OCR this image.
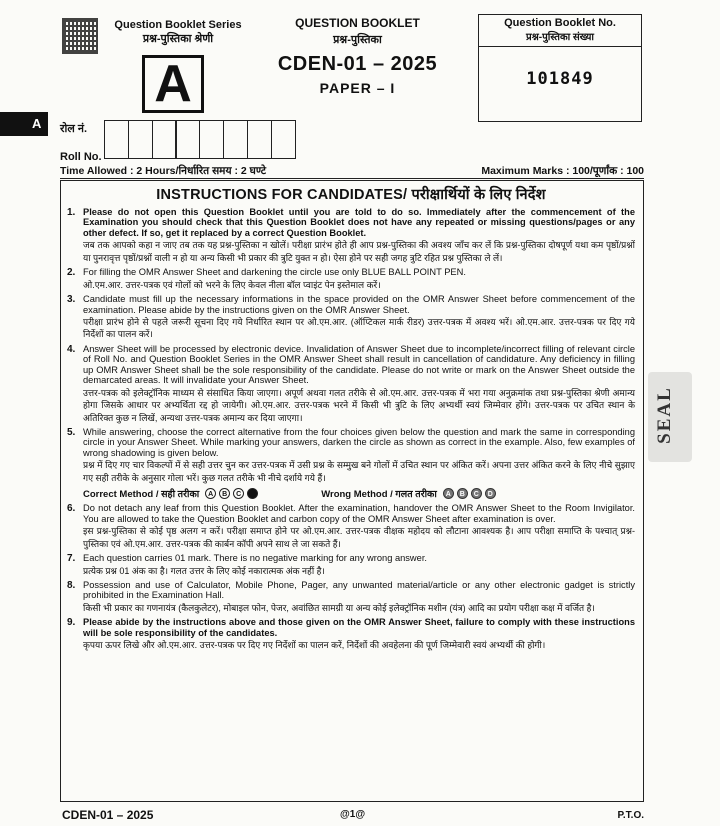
A
Question Booklet Series
प्रश्न-पुस्तिका श्रेणी
A
QUESTION BOOKLET
प्रश्न-पुस्तिका
CDEN-01 – 2025
PAPER – I
Question Booklet No.
प्रश्न-पुस्तिका संख्या
101849
रोल नं.
Roll No.
Time Allowed : 2 Hours/निर्धारित समय : 2 घण्टे	Maximum Marks : 100/पूर्णांक : 100
INSTRUCTIONS FOR CANDIDATES/ परीक्षार्थियों के लिए निर्देश
1. Please do not open this Question Booklet until you are told to do so. Immediately after the commencement of the Examination you should check that this Question Booklet does not have any repeated or missing questions/pages or any other defect. If so, get it replaced by a correct Question Booklet.
जब तक आपको कहा न जाए तब तक यह प्रश्न-पुस्तिका न खोलें। परीक्षा प्रारंभ होते ही आप प्रश्न-पुस्तिका की अवश्य जाँच कर लें कि प्रश्न-पुस्तिका दोषपूर्ण यथा कम पृष्ठों/प्रश्नों या पुनरावृत्त पृष्ठों/प्रश्नों वाली न हो या अन्य किसी भी प्रकार की त्रुटि युक्त न हो। ऐसा होने पर सही जगह त्रुटि रहित प्रश्न पुस्तिका ले लें।
2. For filling the OMR Answer Sheet and darkening the circle use only BLUE BALL POINT PEN.
ओ.एम.आर. उत्तर-पत्रक एवं गोलों को भरने के लिए केवल नीला बॉल प्वाइंट पेन इस्तेमाल करें।
3. Candidate must fill up the necessary informations in the space provided on the OMR Answer Sheet before commencement of the examination. Please abide by the instructions given on the OMR Answer Sheet.
परीक्षा प्रारंभ होने से पहले जरूरी सूचना दिए गये निर्धारित स्थान पर ओ.एम.आर. (ऑप्टिकल मार्क रीडर) उत्तर-पत्रक में अवश्य भरें। ओ.एम.आर. उत्तर-पत्रक पर दिए गये निर्देशों का पालन करें।
4. Answer Sheet will be processed by electronic device. Invalidation of Answer Sheet due to incomplete/incorrect filling of relevant circle of Roll No. and Question Booklet Series in the OMR Answer Sheet shall result in cancellation of candidature. Any deficiency in filling up OMR Answer Sheet shall be the sole responsibility of the candidate. Please do not write or mark on the Answer Sheet outside the demarcated areas. It will invalidate your Answer Sheet.
उत्तर-पत्रक को इलेक्ट्रॉनिक माध्यम से संसाधित किया जाएगा। अपूर्ण अथवा गलत तरीके से ओ.एम.आर. उत्तर-पत्रक में भरा गया अनुक्रमांक तथा प्रश्न-पुस्तिका श्रेणी अमान्य होगा जिसके आधार पर अभ्यर्थिता रद्द हो जायेगी। ओ.एम.आर. उत्तर-पत्रक भरने में किसी भी त्रुटि के लिए अभ्यर्थी स्वयं जिम्मेवार होंगे। उत्तर-पत्रक पर उचित स्थान के अतिरिक्त कुछ न लिखें, अन्यथा उत्तर-पत्रक अमान्य कर दिया जाएगा।
5. While answering, choose the correct alternative from the four choices given below the question and mark the same in corresponding circle in your Answer Sheet. While marking your answers, darken the circle as shown as correct in the example. Also, few examples of wrong shadowing is given below.
प्रश्न में दिए गए चार विकल्पों में से सही उत्तर चुन कर उत्तर-पत्रक में उसी प्रश्न के सम्मुख बने गोलों में उचित स्थान पर अंकित करें। अपना उत्तर अंकित करने के लिए नीचे सुझाए गए सही तरीके के अनुसार गोला भरें। कुछ गलत तरीके भी नीचे दर्शाये गये हैं।
Correct Method / सही तरीका	A	B	C	Wrong Method / गलत तरीका	A	B	C	D
6. Do not detach any leaf from this Question Booklet. After the examination, handover the OMR Answer Sheet to the Room Invigilator. You are allowed to take the Question Booklet and carbon copy of the OMR Answer Sheet after examination is over.
इस प्रश्न-पुस्तिका से कोई पृष्ठ अलग न करें। परीक्षा समाप्त होने पर ओ.एम.आर. उत्तर-पत्रक वीक्षक महोदय को लौटाना आवश्यक है। आप परीक्षा समाप्ति के पश्चात् प्रश्न-पुस्तिका एवं ओ.एम.आर. उत्तर-पत्रक की कार्बन कॉपी अपने साथ ले जा सकते हैं।
7. Each question carries 01 mark. There is no negative marking for any wrong answer.
प्रत्येक प्रश्न 01 अंक का है। गलत उत्तर के लिए कोई नकारात्मक अंक नहीं है।
8. Possession and use of Calculator, Mobile Phone, Pager, any unwanted material/article or any other electronic gadget is strictly prohibited in the Examination Hall.
किसी भी प्रकार का गणनायंत्र (कैलकुलेटर), मोबाइल फोन, पेजर, अवांछित सामग्री या अन्य कोई इलेक्ट्रॉनिक मशीन (यंत्र) आदि का प्रयोग परीक्षा कक्ष में वर्जित है।
9. Please abide by the instructions above and those given on the OMR Answer Sheet, failure to comply with these instructions will be sole responsibility of the candidates.
कृपया ऊपर लिखे और ओ.एम.आर. उत्तर-पत्रक पर दिए गए निर्देशों का पालन करें, निर्देशों की अवहेलना की पूर्ण जिम्मेवारी स्वयं अभ्यर्थी की होगी।
SEAL
CDEN-01 – 2025	@1@	P.T.O.
